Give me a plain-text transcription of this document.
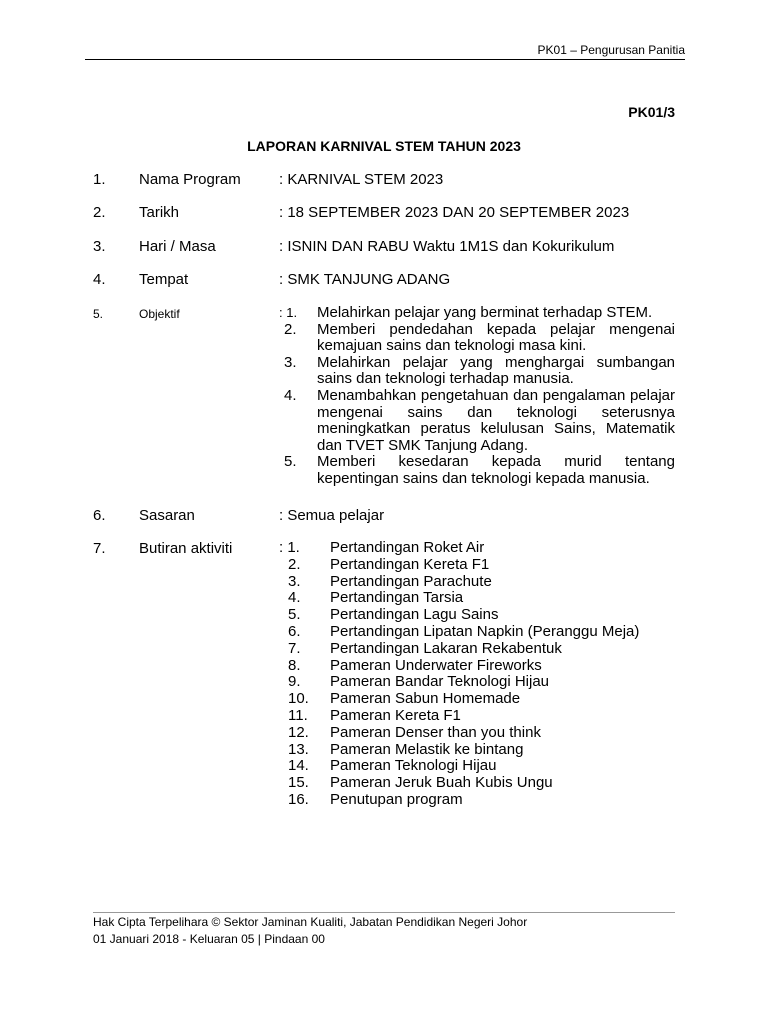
PK01 – Pengurusan Panitia
PK01/3
LAPORAN KARNIVAL STEM TAHUN 2023
1. Nama Program	: KARNIVAL STEM 2023
2. Tarikh	: 18 SEPTEMBER 2023 DAN 20 SEPTEMBER 2023
3. Hari / Masa	: ISNIN DAN RABU Waktu 1M1S dan Kokurikulum
4. Tempat	: SMK TANJUNG ADANG
5.	Objektif	: 1. Melahirkan pelajar yang berminat terhadap STEM.
2. Memberi pendedahan kepada pelajar mengenai kemajuan sains dan teknologi masa kini.
3. Melahirkan pelajar yang menghargai sumbangan sains dan teknologi terhadap manusia.
4. Menambahkan pengetahuan dan pengalaman pelajar mengenai sains dan teknologi seterusnya meningkatkan peratus kelulusan Sains, Matematik dan TVET SMK Tanjung Adang.
5. Memberi kesedaran kepada murid tentang kepentingan sains dan teknologi kepada manusia.
6. Sasaran	: Semua pelajar
7. Butiran aktiviti	: 1. Pertandingan Roket Air
2. Pertandingan Kereta F1
3. Pertandingan Parachute
4. Pertandingan Tarsia
5. Pertandingan Lagu Sains
6. Pertandingan Lipatan Napkin (Peranggu Meja)
7. Pertandingan Lakaran Rekabentuk
8. Pameran Underwater Fireworks
9. Pameran Bandar Teknologi Hijau
10. Pameran Sabun Homemade
11. Pameran Kereta F1
12. Pameran Denser than you think
13. Pameran Melastik ke bintang
14. Pameran Teknologi Hijau
15. Pameran Jeruk Buah Kubis Ungu
16. Penutupan program
Hak Cipta Terpelihara © Sektor Jaminan Kualiti, Jabatan Pendidikan Negeri Johor
01 Januari 2018 - Keluaran 05 | Pindaan 00
